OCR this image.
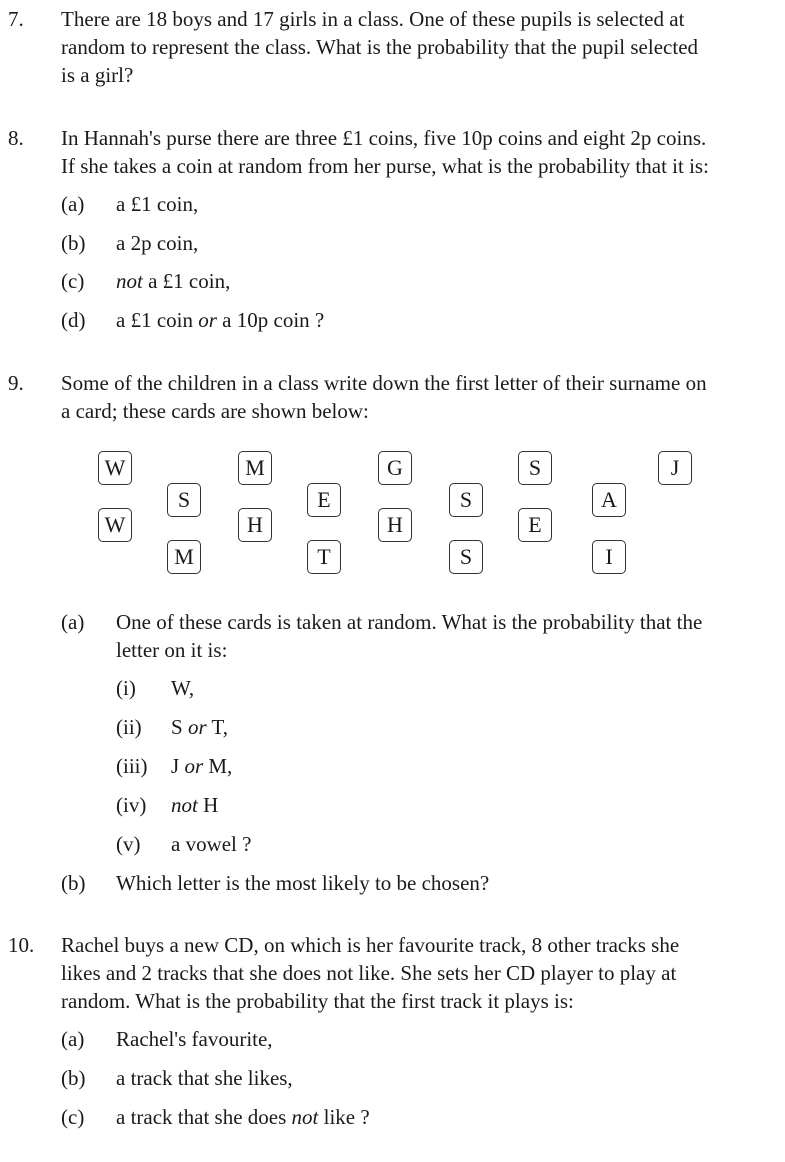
7. There are 18 boys and 17 girls in a class. One of these pupils is selected at
random to represent the class. What is the probability that the pupil selected
is a girl?
8. In Hannah's purse there are three £1 coins, five 10p coins and eight 2p coins.
If she takes a coin at random from her purse, what is the probability that it is:
(a) a £1 coin,
(b) a 2p coin,
(c) not a £1 coin,
(d) a £1 coin or a 10p coin ?
9. Some of the children in a class write down the first letter of their surname on
a card; these cards are shown below:
W
W
S
M
M
H
E
T
G
H
S
S
S
E
A
I
J
(a) One of these cards is taken at random. What is the probability that the
letter on it is:
(i) W,
(ii) S or T,
(iii) J or M,
(iv) not H
(v) a vowel ?
(b) Which letter is the most likely to be chosen?
10. Rachel buys a new CD, on which is her favourite track, 8 other tracks she
likes and 2 tracks that she does not like. She sets her CD player to play at
random. What is the probability that the first track it plays is:
(a) Rachel's favourite,
(b) a track that she likes,
(c) a track that she does not like ?
